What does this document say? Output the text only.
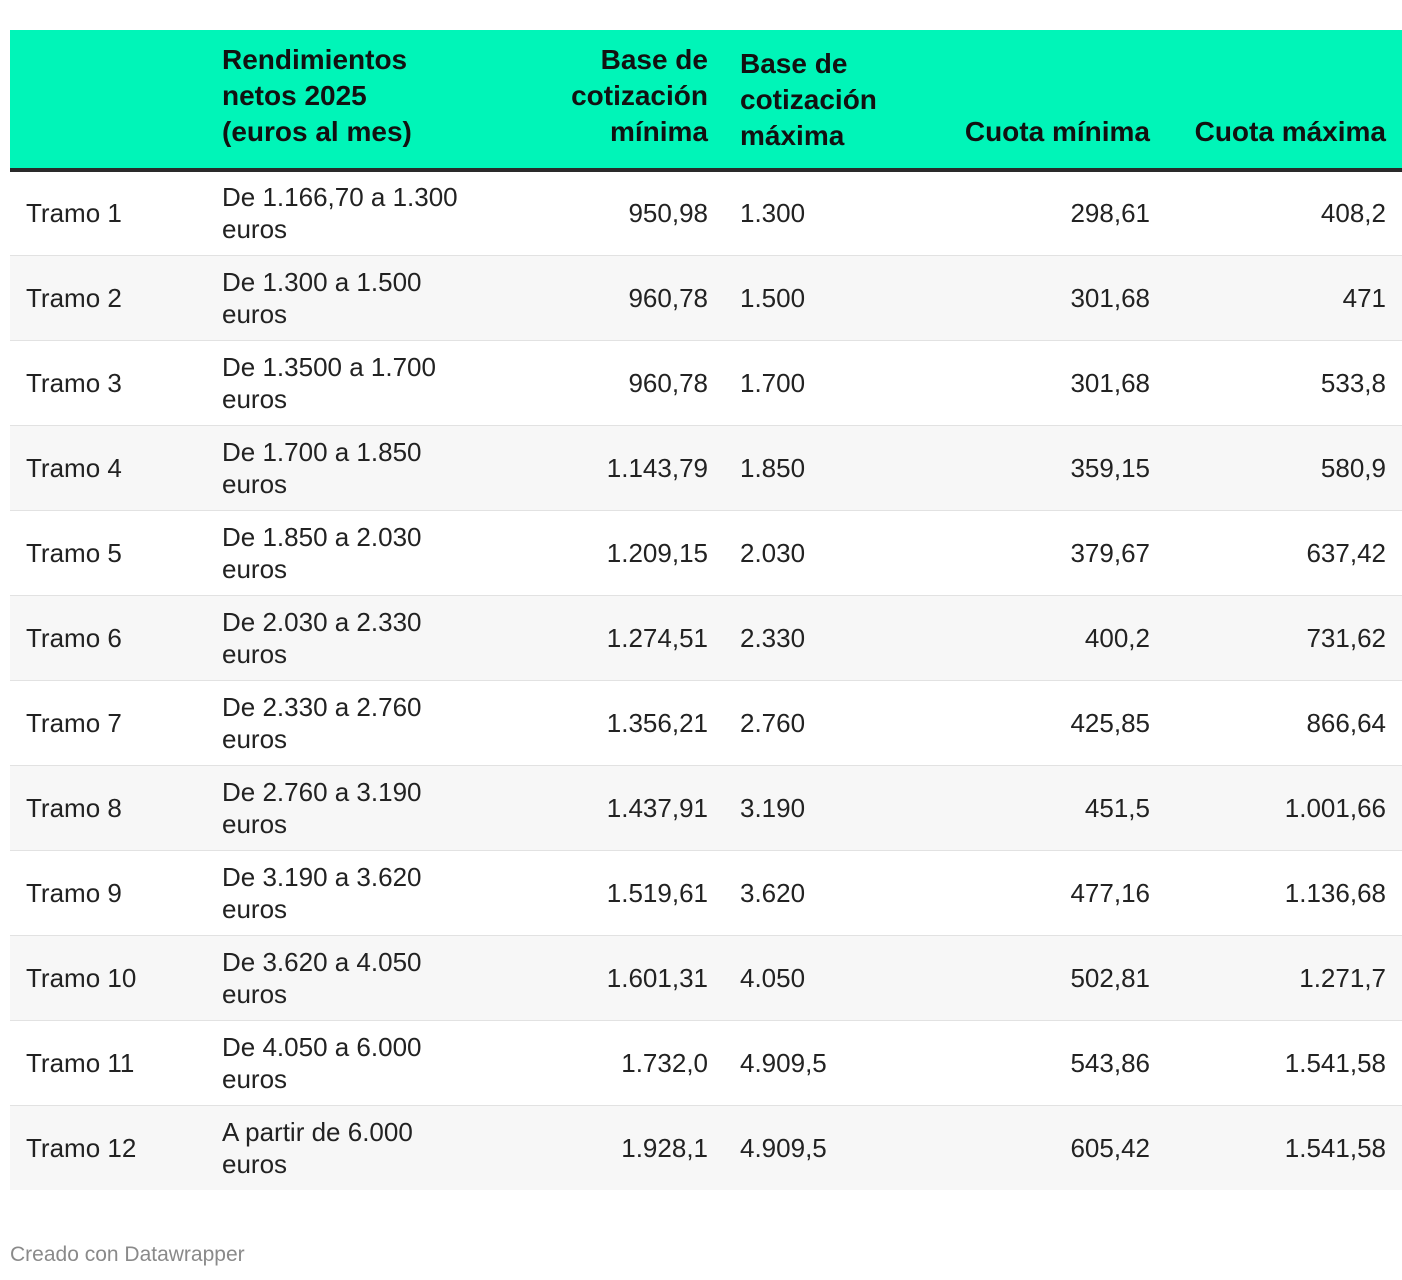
	Rendimientos netos 2025 (euros al mes)	Base de cotización mínima	Base de cotización máxima	Cuota mínima	Cuota máxima
Tramo 1	De 1.166,70 a 1.300 euros	950,98	1.300	298,61	408,2
Tramo 2	De 1.300 a 1.500 euros	960,78	1.500	301,68	471
Tramo 3	De 1.3500 a 1.700 euros	960,78	1.700	301,68	533,8
Tramo 4	De 1.700 a 1.850 euros	1.143,79	1.850	359,15	580,9
Tramo 5	De 1.850 a 2.030 euros	1.209,15	2.030	379,67	637,42
Tramo 6	De 2.030 a 2.330 euros	1.274,51	2.330	400,2	731,62
Tramo 7	De 2.330 a 2.760 euros	1.356,21	2.760	425,85	866,64
Tramo 8	De 2.760 a 3.190 euros	1.437,91	3.190	451,5	1.001,66
Tramo 9	De 3.190 a 3.620 euros	1.519,61	3.620	477,16	1.136,68
Tramo 10	De 3.620 a 4.050 euros	1.601,31	4.050	502,81	1.271,7
Tramo 11	De 4.050 a 6.000 euros	1.732,0	4.909,5	543,86	1.541,58
Tramo 12	A partir de 6.000 euros	1.928,1	4.909,5	605,42	1.541,58
Creado con Datawrapper
